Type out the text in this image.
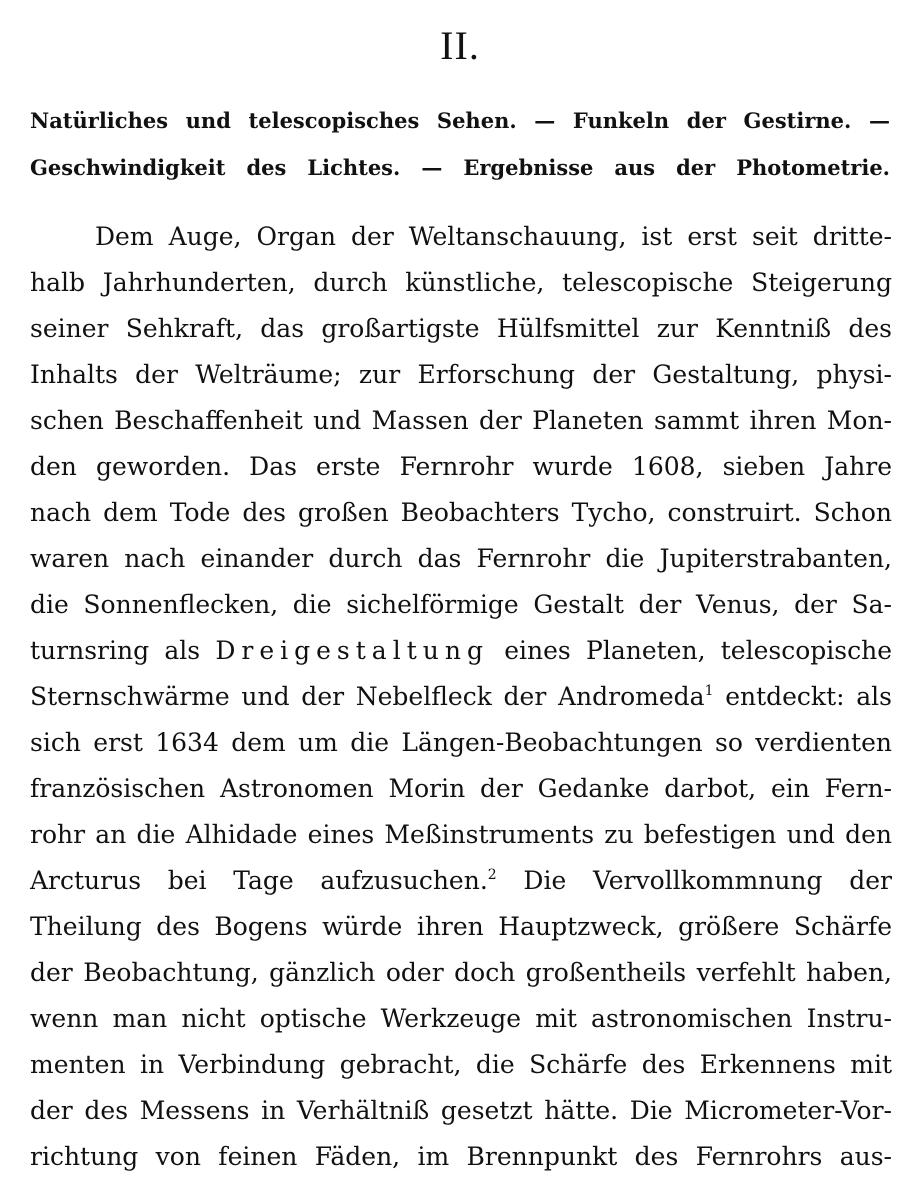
II.
Natürliches und telescopisches Sehen. — Funkeln der Gestirne. —
Geschwindigkeit des Lichtes. — Ergebnisse aus der Photometrie.
Dem Auge, Organ der Weltanschauung, ist erst seit dritte-
halb Jahrhunderten, durch künstliche, telescopische Steigerung
seiner Sehkraft, das großartigste Hülfsmittel zur Kenntniß des
Inhalts der Welträume; zur Erforschung der Gestaltung, physi-
schen Beschaffenheit und Massen der Planeten sammt ihren Mon-
den geworden. Das erste Fernrohr wurde 1608, sieben Jahre
nach dem Tode des großen Beobachters Tycho, construirt. Schon
waren nach einander durch das Fernrohr die Jupiterstrabanten,
die Sonnenflecken, die sichelförmige Gestalt der Venus, der Sa-
turnsring als Dreigestaltung eines Planeten, telescopische
Sternschwärme und der Nebelfleck der Andromeda$^1$ entdeckt: als
sich erst 1634 dem um die Längen-Beobachtungen so verdienten
französischen Astronomen Morin der Gedanke darbot, ein Fern-
rohr an die Alhidade eines Meßinstruments zu befestigen und den
Arcturus bei Tage aufzusuchen.$^2$ Die Vervollkommnung der
Theilung des Bogens würde ihren Hauptzweck, größere Schärfe
der Beobachtung, gänzlich oder doch großentheils verfehlt haben,
wenn man nicht optische Werkzeuge mit astronomischen Instru-
menten in Verbindung gebracht, die Schärfe des Erkennens mit
der des Messens in Verhältniß gesetzt hätte. Die Micrometer-Vor-
richtung von feinen Fäden, im Brennpunkt des Fernrohrs aus-
